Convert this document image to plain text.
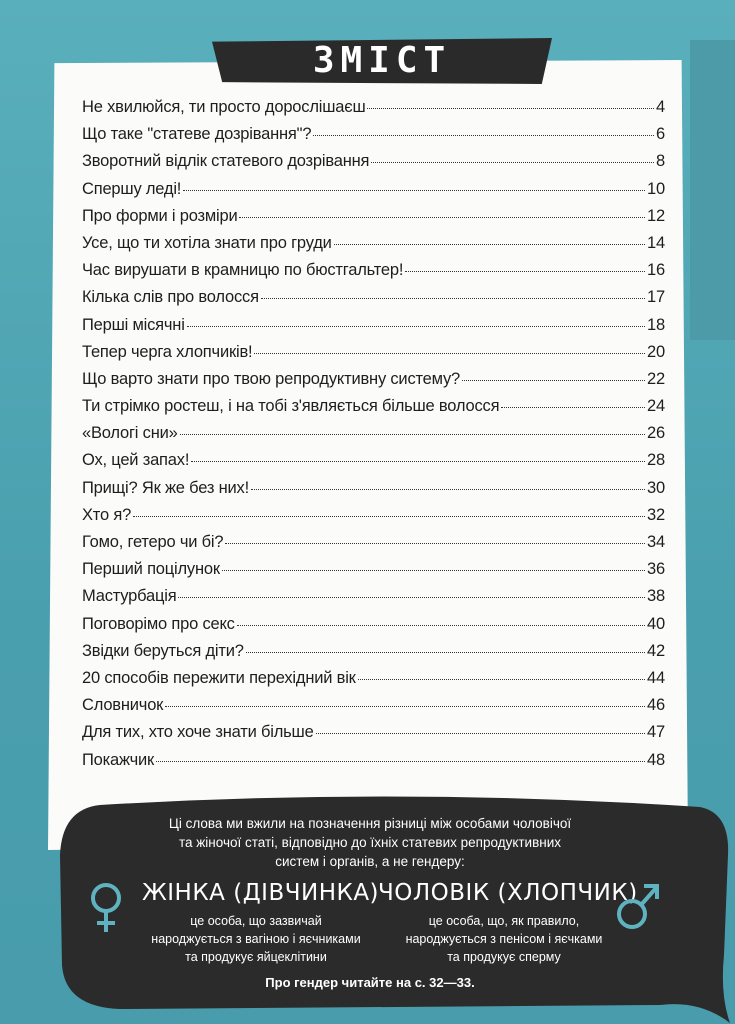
ЗМІСТ
Не хвилюйся, ти просто дорослішаєш	4
Що таке "статеве дозрівання"?	6
Зворотний відлік статевого дозрівання	8
Спершу леді!	10
Про форми і розміри	12
Усе, що ти хотіла знати про груди	14
Час вирушати в крамницю по бюстгальтер!	16
Кілька слів про волосся	17
Перші місячні	18
Тепер черга хлопчиків!	20
Що варто знати про твою репродуктивну систему?	22
Ти стрімко ростеш, і на тобі з'являється більше волосся	24
«Вологі сни»	26
Ох, цей запах!	28
Прищі? Як же без них!	30
Хто я?	32
Гомо, гетеро чи бі?	34
Перший поцілунок	36
Мастурбація	38
Поговорімо про секс	40
Звідки беруться діти?	42
20 способів пережити перехідний вік	44
Словничок	46
Для тих, хто хоче знати більше	47
Покажчик	48
Ці слова ми вжили на позначення різниці між особами чоловічої
та жіночої статі, відповідно до їхніх статевих репродуктивних
систем і органів, а не гендеру:
ЖІНКА (ДІВЧИНКА)
це особа, що зазвичай
народжується з вагіною і яєчниками
та продукує яйцеклітини
ЧОЛОВІК (ХЛОПЧИК)
це особа, що, як правило,
народжується з пенісом і яєчками
та продукує сперму
Про гендер читайте на с. 32—33.
